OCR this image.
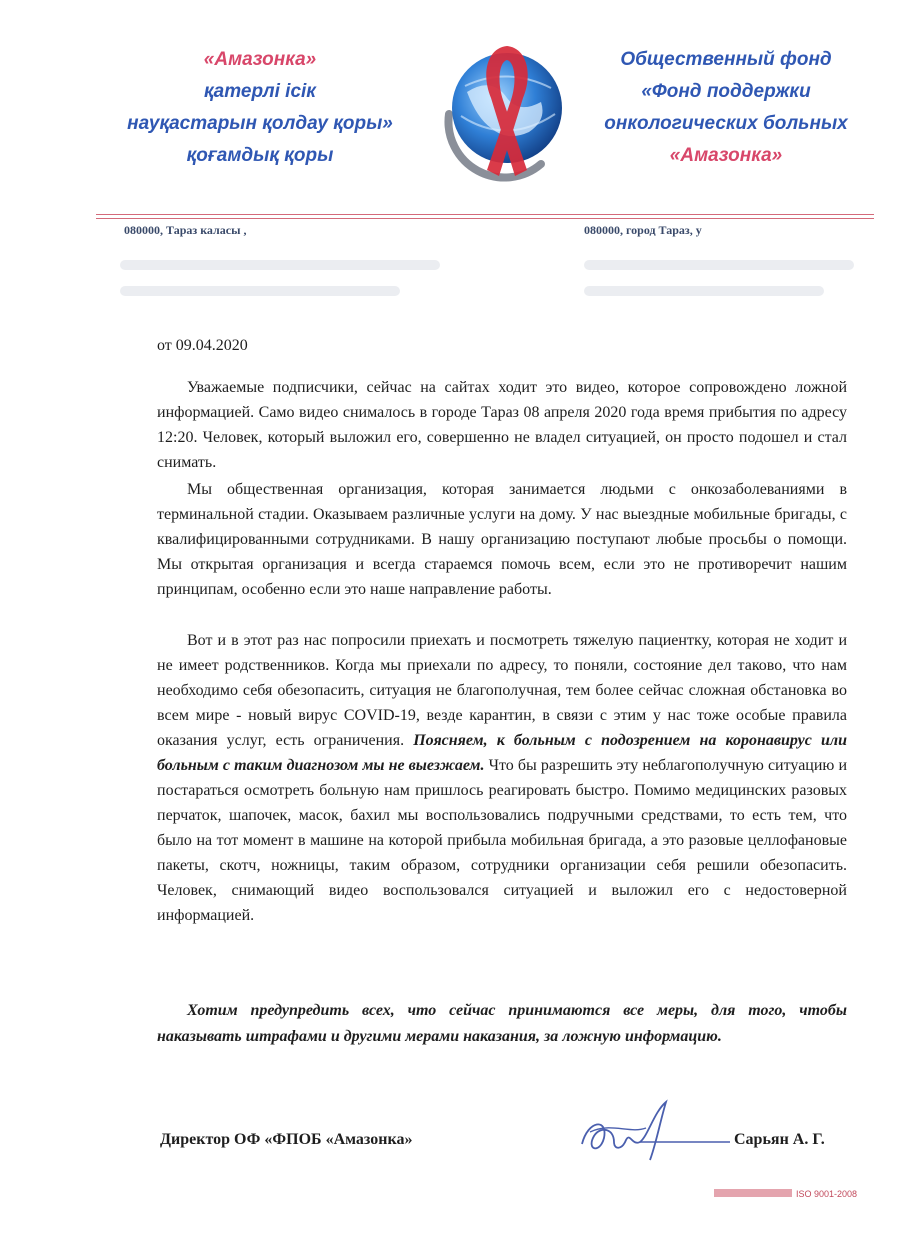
«Амазонка»
қатерлі ісік
науқастарын қолдау қоры»
қоғамдық қоры
Общественный фонд
«Фонд поддержки
онкологических больных
«Амазонка»
080000, Тараз каласы ,	080000, город Тараз, у
от 09.04.2020
Уважаемые подписчики, сейчас на сайтах ходит это видео, которое сопровождено ложной информацией. Само видео снималось в городе Тараз 08 апреля 2020 года время прибытия по адресу 12:20. Человек, который выложил его, совершенно не владел ситуацией, он просто подошел и стал снимать.
Мы общественная организация, которая занимается людьми с онкозаболеваниями в терминальной стадии. Оказываем различные услуги на дому. У нас выездные мобильные бригады, с квалифицированными сотрудниками. В нашу организацию поступают любые просьбы о помощи. Мы открытая организация и всегда стараемся помочь всем, если это не противоречит нашим принципам, особенно если это наше направление работы.
Вот и в этот раз нас попросили приехать и посмотреть тяжелую пациентку, которая не ходит и не имеет родственников. Когда мы приехали по адресу, то поняли, состояние дел таково, что нам необходимо себя обезопасить, ситуация не благополучная, тем более сейчас сложная обстановка во всем мире - новый вирус COVID-19, везде карантин, в связи с этим у нас тоже особые правила оказания услуг, есть ограничения. Поясняем, к больным с подозрением на коронавирус или больным с таким диагнозом мы не выезжаем. Что бы разрешить эту неблагополучную ситуацию и постараться осмотреть больную нам пришлось реагировать быстро. Помимо медицинских разовых перчаток, шапочек, масок, бахил мы воспользовались подручными средствами, то есть тем, что было на тот момент в машине на которой прибыла мобильная бригада, а это разовые целлофановые пакеты, скотч, ножницы, таким образом, сотрудники организации себя решили обезопасить. Человек, снимающий видео воспользовался ситуацией и выложил его с недостоверной информацией.
Хотим предупредить всех, что сейчас принимаются все меры, для того, чтобы наказывать штрафами и другими мерами наказания, за ложную информацию.
Директор ОФ «ФПОБ «Амазонка»	Сарьян А. Г.
ISO 9001-2008
